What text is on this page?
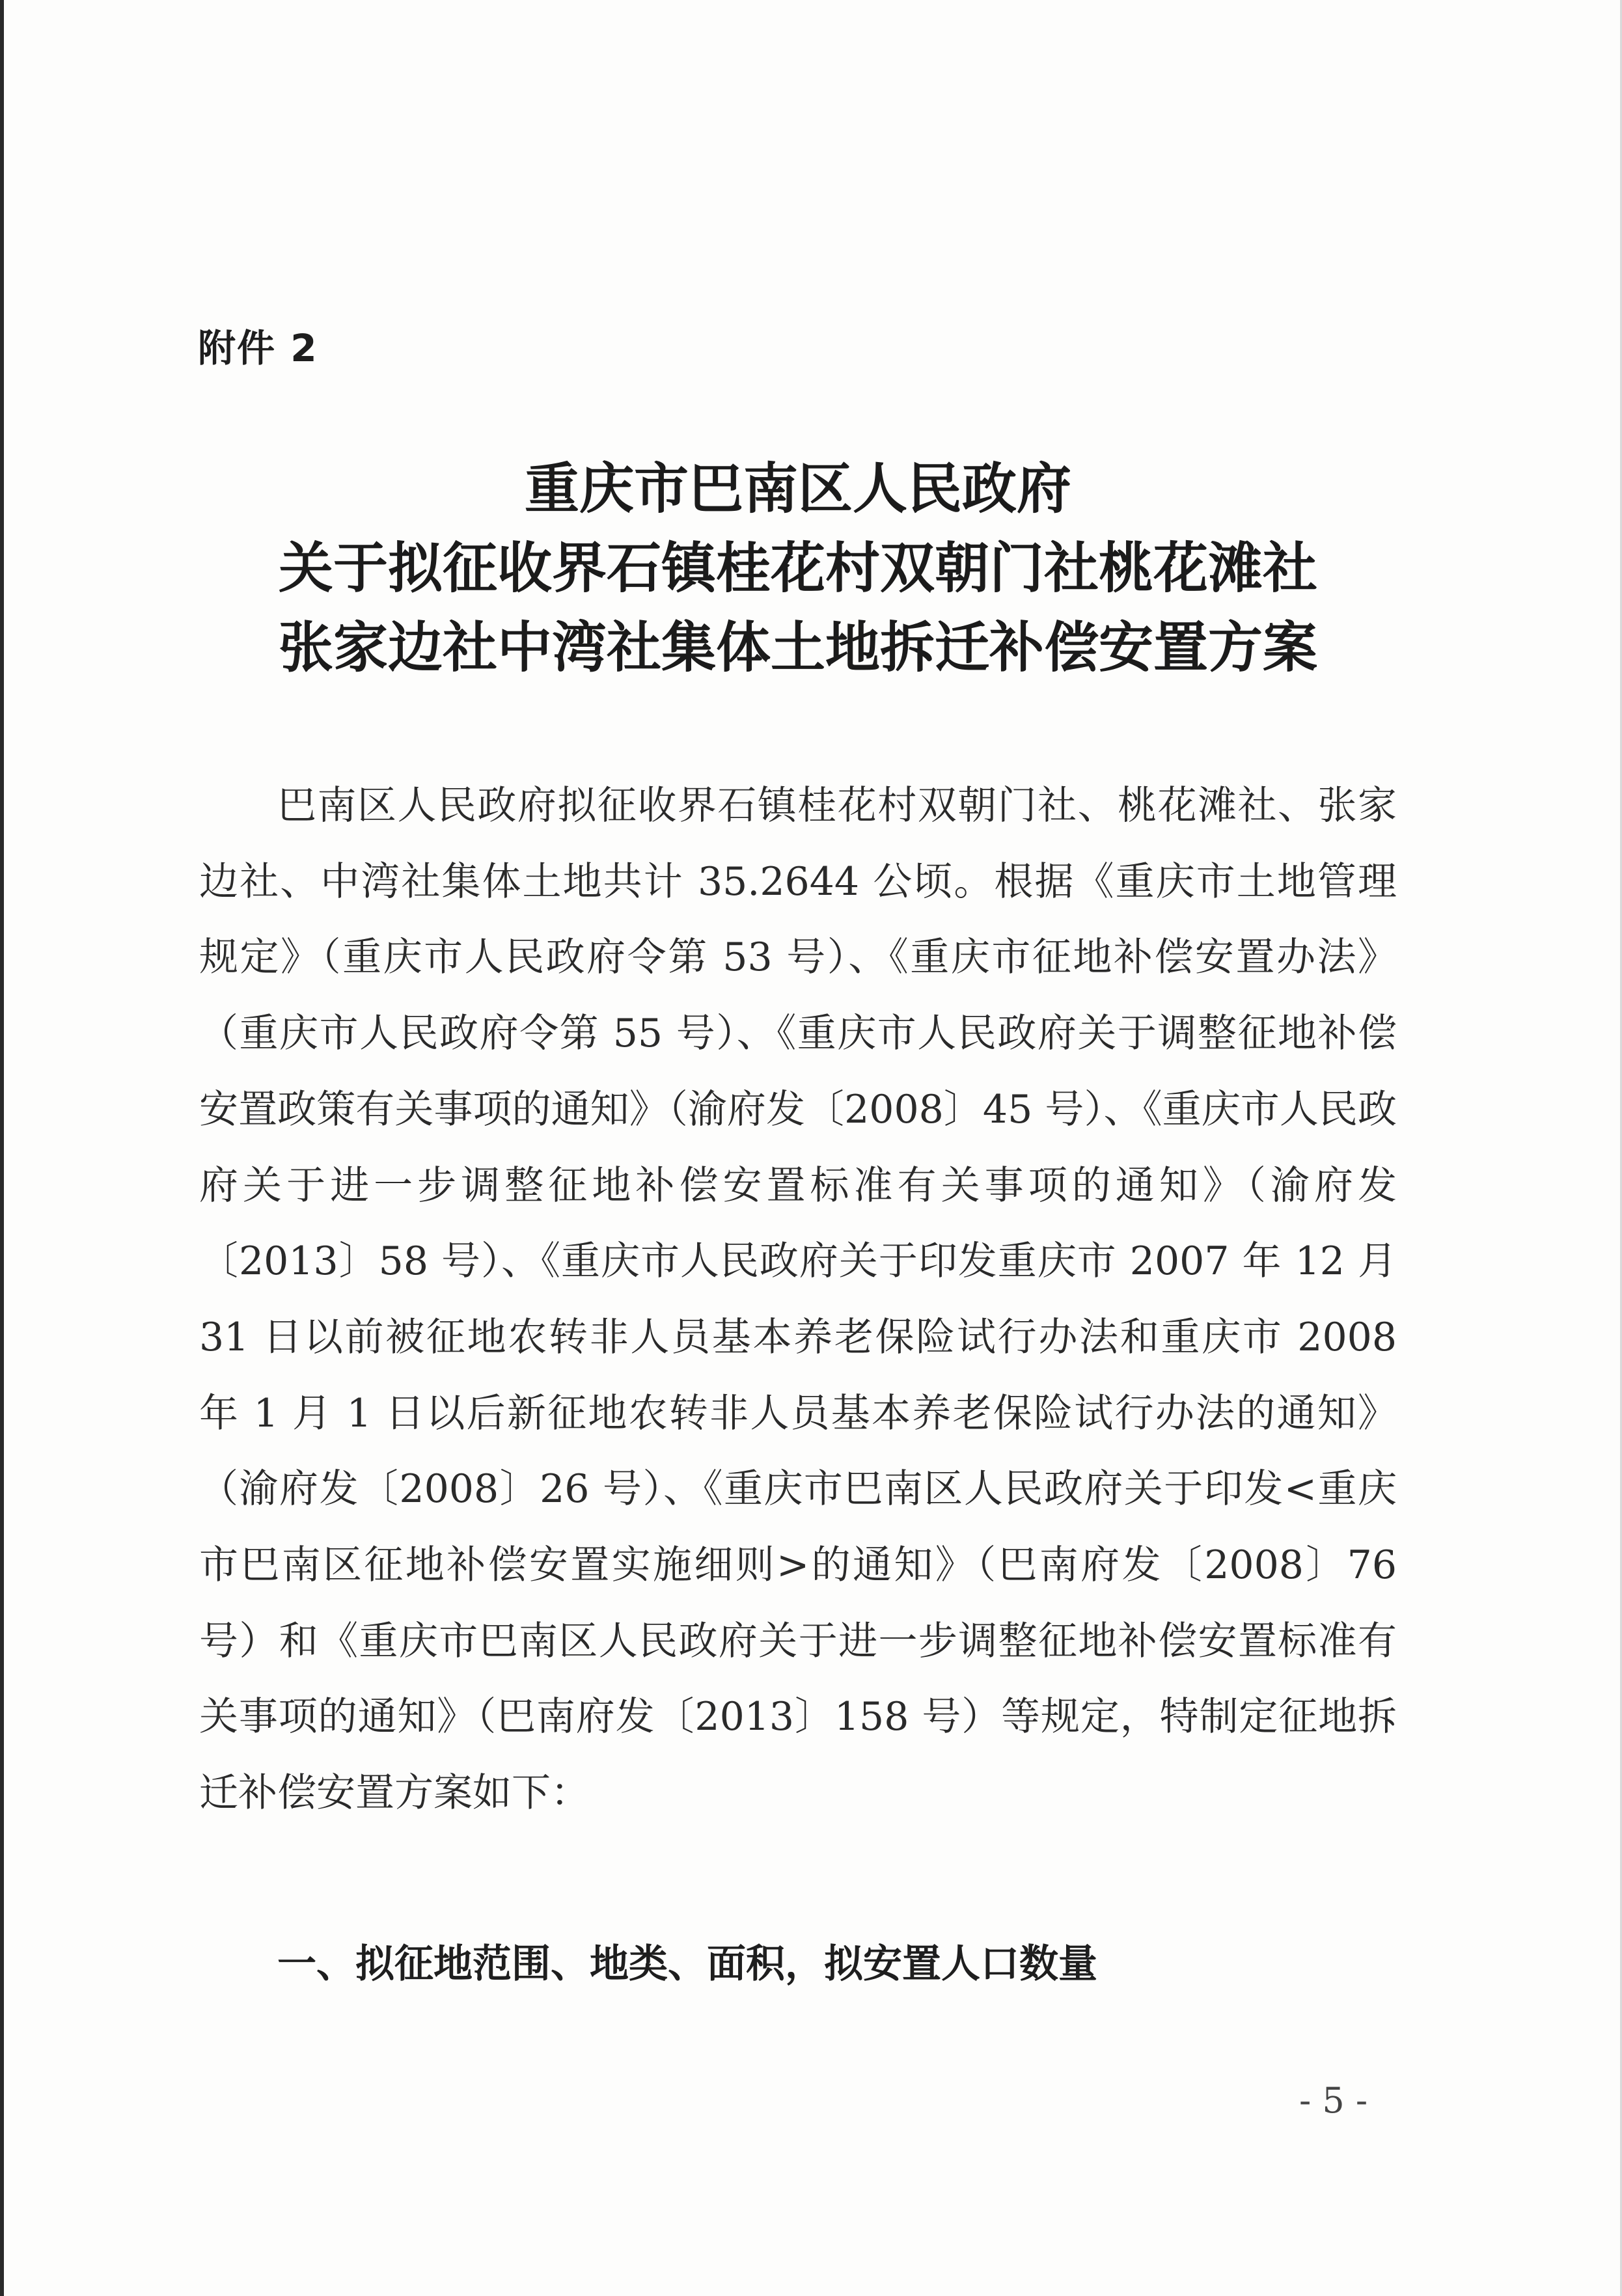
附件 2

重庆市巴南区人民政府
关于拟征收界石镇桂花村双朝门社桃花滩社
张家边社中湾社集体土地拆迁补偿安置方案

巴南区人民政府拟征收界石镇桂花村双朝门社、桃花滩社、张家边社、中湾社集体土地共计 35.2644 公顷。根据《重庆市土地管理规定》（重庆市人民政府令第 53 号）、《重庆市征地补偿安置办法》（重庆市人民政府令第 55 号）、《重庆市人民政府关于调整征地补偿安置政策有关事项的通知》（渝府发〔2008〕45 号）、《重庆市人民政府关于进一步调整征地补偿安置标准有关事项的通知》（渝府发〔2013〕58 号）、《重庆市人民政府关于印发重庆市 2007 年 12 月 31 日以前被征地农转非人员基本养老保险试行办法和重庆市 2008 年 1 月 1 日以后新征地农转非人员基本养老保险试行办法的通知》（渝府发〔2008〕26 号）、《重庆市巴南区人民政府关于印发<重庆市巴南区征地补偿安置实施细则>的通知》（巴南府发〔2008〕76 号）和《重庆市巴南区人民政府关于进一步调整征地补偿安置标准有关事项的通知》（巴南府发〔2013〕158 号）等规定，特制定征地拆迁补偿安置方案如下：

一、拟征地范围、地类、面积，拟安置人口数量

- 5 -
